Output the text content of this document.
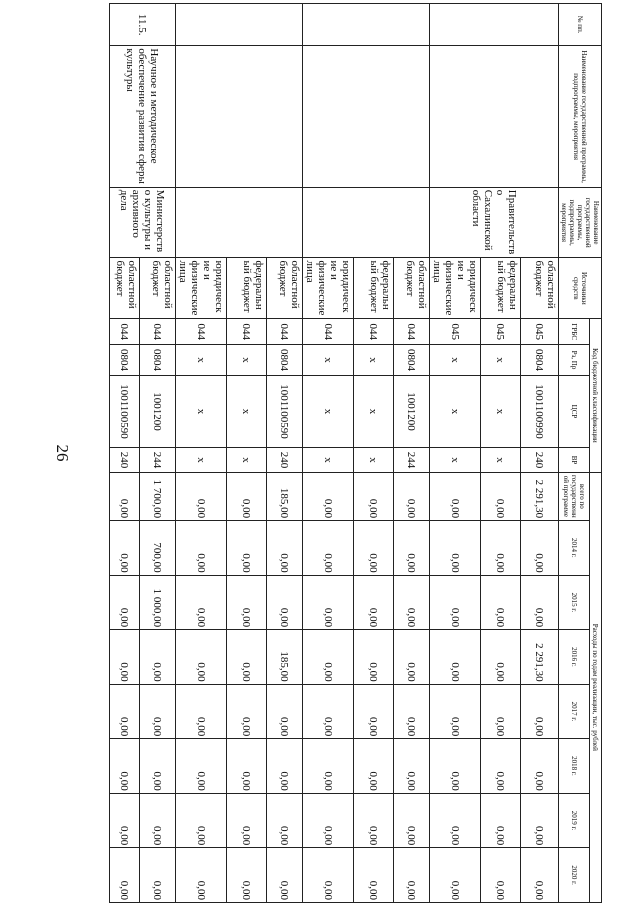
26
№ пп.	Наименование государственной программы, подпрограммы, мероприятия	Наименование государственной программы, подпрограммы, мероприятия	Источники средств	Код бюджетной классификации				Расходы по годам реализации, тыс. рублей							
				ГРБС	Рз, Пр	ЦСР	ВР	всего по государственной программе	2014 г.	2015 г.	2016 г.	2017 г.	2018 г.	2019 г.	2020 г.
		Правительство Сахалинской области	областной бюджет	045	0804	1001100990	240	2 291,30	0,00	0,00	2 291,30	0,00	0,00	0,00	0,00
			федеральный бюджет	045	x	x	x	0,00	0,00	0,00	0,00	0,00	0,00	0,00	0,00
			юридические и физические лица	045	x	x	x	0,00	0,00	0,00	0,00	0,00	0,00	0,00	0,00
			областной бюджет	044	0804	1001200	244	0,00	0,00	0,00	0,00	0,00	0,00	0,00	0,00
			федеральный бюджет	044	x	x	x	0,00	0,00	0,00	0,00	0,00	0,00	0,00	0,00
			юридические и физические лица	044	x	x	x	0,00	0,00	0,00	0,00	0,00	0,00	0,00	0,00
			областной бюджет	044	0804	1001100590	240	185,00	0,00	0,00	185,00	0,00	0,00	0,00	0,00
			федеральный бюджет	044	x	x	x	0,00	0,00	0,00	0,00	0,00	0,00	0,00	0,00
			юридические и физические лица	044	x	x	x	0,00	0,00	0,00	0,00	0,00	0,00	0,00	0,00
11.5.	Научное и методическое обеспечение развития сферы культуры	Министерство культуры и архивного дела	областной бюджет	044	0804	1001200	244	1 700,00	700,00	1 000,00	0,00	0,00	0,00	0,00	0,00
			областной бюджет	044	0804	1001100590	240	0,00	0,00	0,00	0,00	0,00	0,00	0,00	0,00
